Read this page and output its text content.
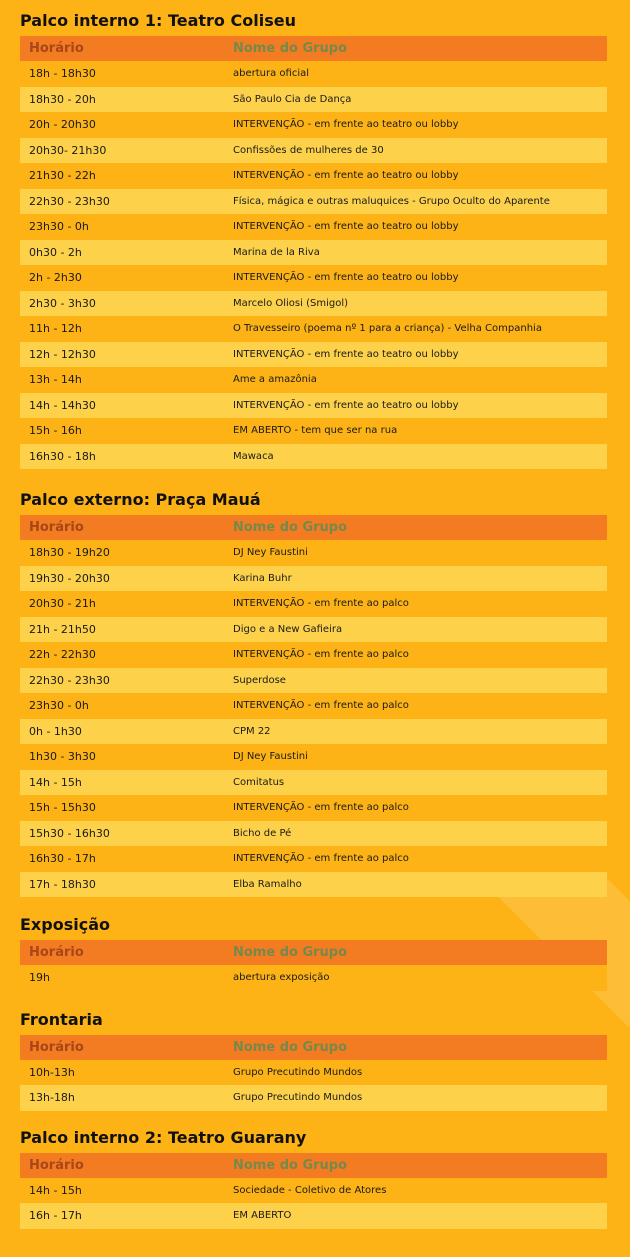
Palco interno 1: Teatro Coliseu
Horário	Nome do Grupo
18h - 18h30	abertura oficial
18h30 - 20h	São Paulo Cia de Dança
20h - 20h30	INTERVENÇÃO - em frente ao teatro ou lobby
20h30- 21h30	Confissões de mulheres de 30
21h30 - 22h	INTERVENÇÃO - em frente ao teatro ou lobby
22h30 - 23h30	Física, mágica e outras maluquices - Grupo Oculto do Aparente
23h30 - 0h	INTERVENÇÃO - em frente ao teatro ou lobby
0h30 - 2h	Marina de la Riva
2h - 2h30	INTERVENÇÃO - em frente ao teatro ou lobby
2h30 - 3h30	Marcelo Oliosi (Smigol)
11h - 12h	O Travesseiro (poema nº 1 para a criança) - Velha Companhia
12h - 12h30	INTERVENÇÃO - em frente ao teatro ou lobby
13h - 14h	Ame a amazônia
14h - 14h30	INTERVENÇÃO - em frente ao teatro ou lobby
15h - 16h	EM ABERTO - tem que ser na rua
16h30 - 18h	Mawaca
Palco externo: Praça Mauá
Horário	Nome do Grupo
18h30 - 19h20	DJ Ney Faustini
19h30 - 20h30	Karina Buhr
20h30 - 21h	INTERVENÇÃO - em frente ao palco
21h - 21h50	Digo e a New Gafieira
22h - 22h30	INTERVENÇÃO - em frente ao palco
22h30 - 23h30	Superdose
23h30 - 0h	INTERVENÇÃO - em frente ao palco
0h - 1h30	CPM 22
1h30 - 3h30	DJ Ney Faustini
14h - 15h	Comitatus
15h - 15h30	INTERVENÇÃO - em frente ao palco
15h30 - 16h30	Bicho de Pé
16h30 - 17h	INTERVENÇÃO - em frente ao palco
17h - 18h30	Elba Ramalho
Exposição
Horário	Nome do Grupo
19h	abertura exposição
Frontaria
Horário	Nome do Grupo
10h-13h	Grupo Precutindo Mundos
13h-18h	Grupo Precutindo Mundos
Palco interno 2: Teatro Guarany
Horário	Nome do Grupo
14h - 15h	Sociedade - Coletivo de Atores
16h - 17h	EM ABERTO
